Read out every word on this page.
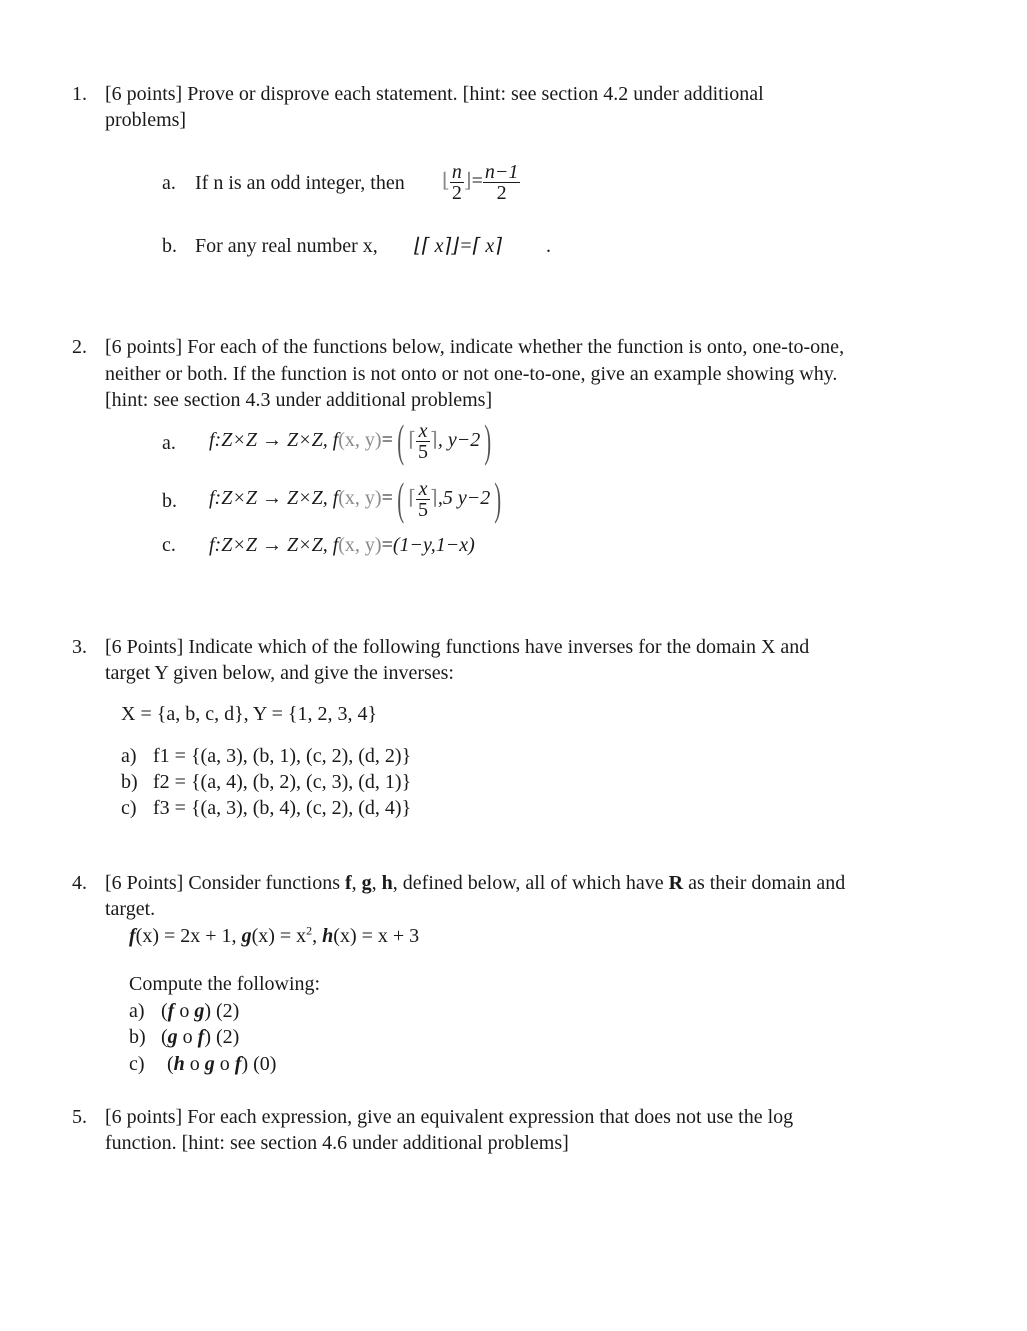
1. [6 points] Prove or disprove each statement. [hint: see section 4.2 under additional
problems]
a. If n is an odd integer, then ⌊ $\frac{n}{2}$ ⌋= $\frac{n-1}{2}$
b. For any real number x, ⌊⌈ x⌉⌋=⌈ x⌉ .
2. [6 points] For each of the functions below, indicate whether the function is onto, one-to-one,
neither or both. If the function is not onto or not one-to-one, give an example showing why.
[hint: see section 4.3 under additional problems]
a. f:Z×Z → Z×Z, f(x, y)=( ⌈ $\frac{x}{5}$ ⌉, y−2)
b. f:Z×Z → Z×Z, f(x, y)=( ⌈ $\frac{x}{5}$ ⌉,5 y−2)
c. f:Z×Z → Z×Z, f(x, y)=(1−y,1−x)
3. [6 Points] Indicate which of the following functions have inverses for the domain X and
target Y given below, and give the inverses:
X = {a, b, c, d}, Y = {1, 2, 3, 4}
a) f1 = {(a, 3), (b, 1), (c, 2), (d, 2)}
b) f2 = {(a, 4), (b, 2), (c, 3), (d, 1)}
c) f3 = {(a, 3), (b, 4), (c, 2), (d, 4)}
4. [6 Points] Consider functions f, g, h, defined below, all of which have R as their domain and
target.
f(x) = 2x + 1, $g(x) = x^2$, h(x) = x + 3
Compute the following:
a) (f o g) (2)
b) (g o f) (2)
c) (h o g o f) (0)
5. [6 points] For each expression, give an equivalent expression that does not use the log
function. [hint: see section 4.6 under additional problems]
